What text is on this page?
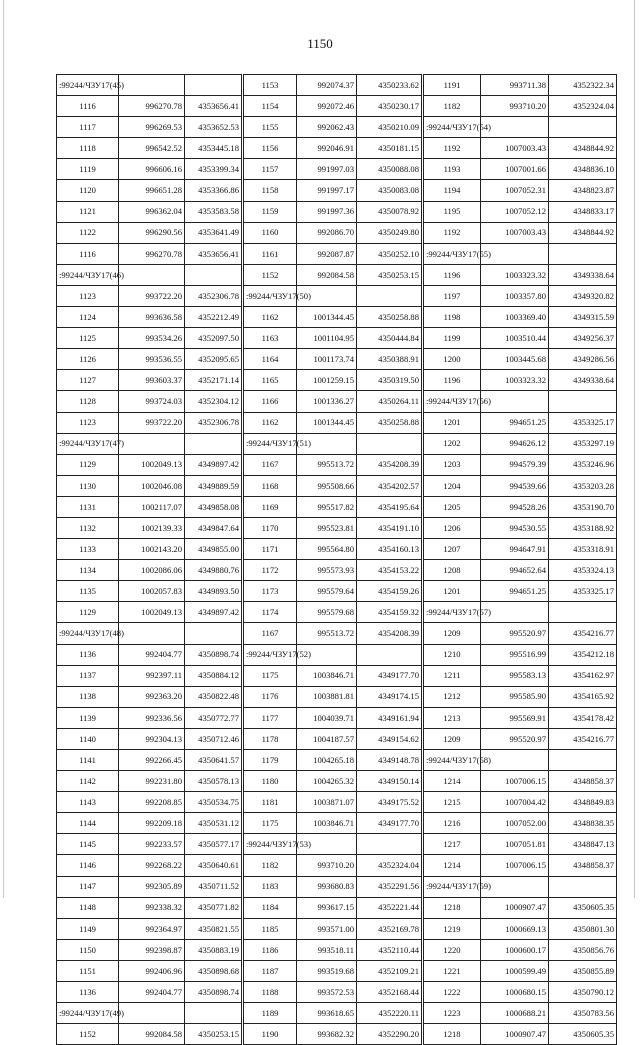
1150
:99244/ЧЗУ17(45)			1153	992074.37	4350233.62	1191	993711.38	4352322.34
1116	996270.78	4353656.41	1154	992072.46	4350230.17	1182	993710.20	4352324.04
1117	996269.53	4353652.53	1155	992062.43	4350210.09	:99244/ЧЗУ17(54)		
1118	996542.52	4353445.18	1156	992046.91	4350181.15	1192	1007003.43	4348844.92
1119	996606.16	4353399.34	1157	991997.03	4350088.08	1193	1007001.66	4348836.10
1120	996651.28	4353366.86	1158	991997.17	4350083.08	1194	1007052.31	4348823.87
1121	996362.04	4353583.58	1159	991997.36	4350078.92	1195	1007052.12	4348833.17
1122	996290.56	4353641.49	1160	992086.70	4350249.80	1192	1007003.43	4348844.92
1116	996270.78	4353656.41	1161	992087.87	4350252.10	:99244/ЧЗУ17(55)		
:99244/ЧЗУ17(46)			1152	992084.58	4350253.15	1196	1003323.32	4349338.64
1123	993722.20	4352306.78	:99244/ЧЗУ17(50)			1197	1003357.80	4349320.82
1124	993636.58	4352212.49	1162	1001344.45	4350258.88	1198	1003369.40	4349315.59
1125	993534.26	4352097.50	1163	1001104.95	4350444.84	1199	1003510.44	4349256.37
1126	993536.55	4352095.65	1164	1001173.74	4350388.91	1200	1003445.68	4349286.56
1127	993603.37	4352171.14	1165	1001259.15	4350319.50	1196	1003323.32	4349338.64
1128	993724.03	4352304.12	1166	1001336.27	4350264.11	:99244/ЧЗУ17(56)		
1123	993722.20	4352306.78	1162	1001344.45	4350258.88	1201	994651.25	4353325.17
:99244/ЧЗУ17(47)			:99244/ЧЗУ17(51)			1202	994626.12	4353297.19
1129	1002049.13	4349897.42	1167	995513.72	4354208.39	1203	994579.39	4353246.96
1130	1002046.08	4349889.59	1168	995508.66	4354202.57	1204	994539.66	4353203.28
1131	1002117.07	4349858.08	1169	995517.82	4354195.64	1205	994528.26	4353190.70
1132	1002139.33	4349847.64	1170	995523.81	4354191.10	1206	994530.55	4353188.92
1133	1002143.20	4349855.00	1171	995564.80	4354160.13	1207	994647.91	4353318.91
1134	1002086.06	4349880.76	1172	995573.93	4354153.22	1208	994652.64	4353324.13
1135	1002057.83	4349893.50	1173	995579.64	4354159.26	1201	994651.25	4353325.17
1129	1002049.13	4349897.42	1174	995579.68	4354159.32	:99244/ЧЗУ17(57)		
:99244/ЧЗУ17(48)			1167	995513.72	4354208.39	1209	995520.97	4354216.77
1136	992404.77	4350898.74	:99244/ЧЗУ17(52)			1210	995516.99	4354212.18
1137	992397.11	4350884.12	1175	1003846.71	4349177.70	1211	995583.13	4354162.97
1138	992363.20	4350822.48	1176	1003881.81	4349174.15	1212	995585.90	4354165.92
1139	992336.56	4350772.77	1177	1004039.71	4349161.94	1213	995569.91	4354178.42
1140	992304.13	4350712.46	1178	1004187.57	4349154.62	1209	995520.97	4354216.77
1141	992266.45	4350641.57	1179	1004265.18	4349148.78	:99244/ЧЗУ17(58)		
1142	992231.80	4350578.13	1180	1004265.32	4349150.14	1214	1007006.15	4348858.37
1143	992208.85	4350534.75	1181	1003871.07	4349175.52	1215	1007004.42	4348849.83
1144	992209.18	4350531.12	1175	1003846.71	4349177.70	1216	1007052.00	4348838.35
1145	992233.57	4350577.17	:99244/ЧЗУ17(53)			1217	1007051.81	4348847.13
1146	992268.22	4350640.61	1182	993710.20	4352324.04	1214	1007006.15	4348858.37
1147	992305.89	4350711.52	1183	993680.83	4352291.56	:99244/ЧЗУ17(59)		
1148	992338.32	4350771.82	1184	993617.15	4352221.44	1218	1000907.47	4350605.35
1149	992364.97	4350821.55	1185	993571.00	4352169.78	1219	1000669.13	4350801.30
1150	992398.87	4350883.19	1186	993518.11	4352110.44	1220	1000600.17	4350856.76
1151	992406.96	4350898.68	1187	993519.68	4352109.21	1221	1000599.49	4350855.89
1136	992404.77	4350898.74	1188	993572.53	4352168.44	1222	1000680.15	4350790.12
:99244/ЧЗУ17(49)			1189	993618.65	4352220.11	1223	1000688.21	4350783.56
1152	992084.58	4350253.15	1190	993682.32	4352290.20	1218	1000907.47	4350605.35
